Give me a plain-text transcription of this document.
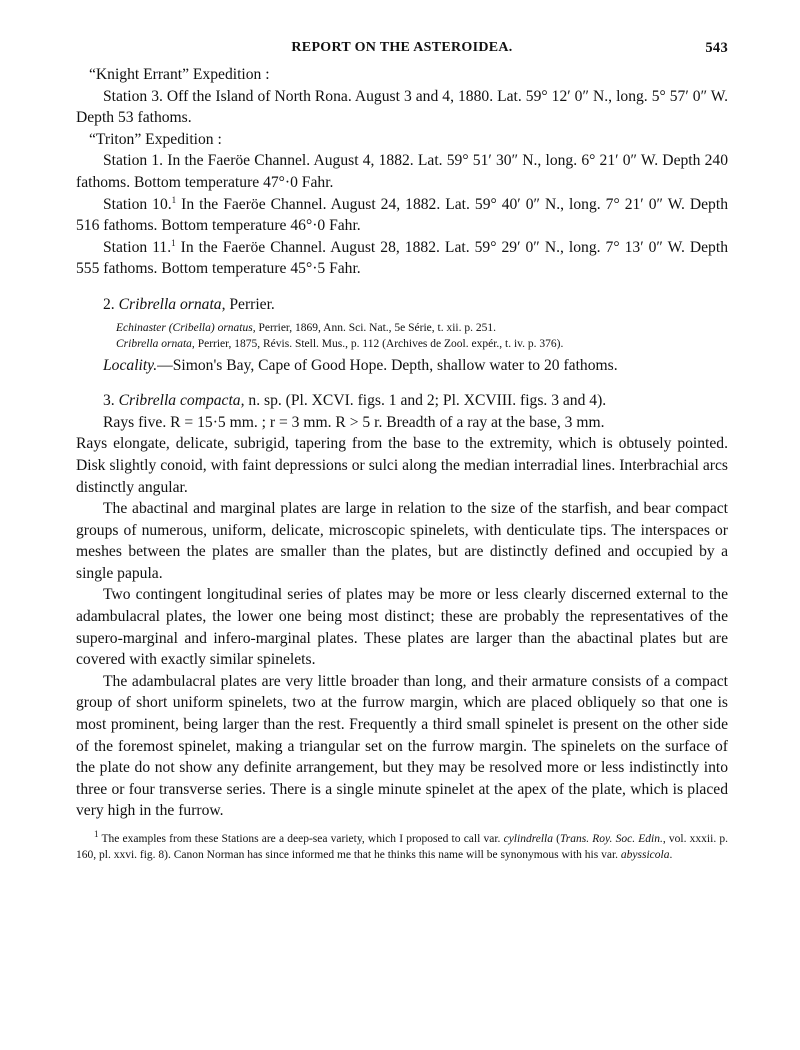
REPORT ON THE ASTEROIDEA.	543

“Knight Errant” Expedition :

Station 3. Off the Island of North Rona. August 3 and 4, 1880. Lat. 59° 12′ 0″ N., long. 5° 57′ 0″ W. Depth 53 fathoms.

“Triton” Expedition :

Station 1. In the Faeröe Channel. August 4, 1882. Lat. 59° 51′ 30″ N., long. 6° 21′ 0″ W. Depth 240 fathoms. Bottom temperature 47°·0 Fahr.

Station 10.$^1$ In the Faeröe Channel. August 24, 1882. Lat. 59° 40′ 0″ N., long. 7° 21′ 0″ W. Depth 516 fathoms. Bottom temperature 46°·0 Fahr.

Station 11.$^1$ In the Faeröe Channel. August 28, 1882. Lat. 59° 29′ 0″ N., long. 7° 13′ 0″ W. Depth 555 fathoms. Bottom temperature 45°·5 Fahr.

2. Cribrella ornata, Perrier.

Echinaster (Cribella) ornatus, Perrier, 1869, Ann. Sci. Nat., 5e Série, t. xii. p. 251.

Cribrella ornata, Perrier, 1875, Révis. Stell. Mus., p. 112 (Archives de Zool. expér., t. iv. p. 376).

Locality.—Simon's Bay, Cape of Good Hope. Depth, shallow water to 20 fathoms.

3. Cribrella compacta, n. sp. (Pl. XCVI. figs. 1 and 2; Pl. XCVIII. figs. 3 and 4).

Rays five. R = 15·5 mm. ; r = 3 mm. R > 5 r. Breadth of a ray at the base, 3 mm.

Rays elongate, delicate, subrigid, tapering from the base to the extremity, which is obtusely pointed. Disk slightly conoid, with faint depressions or sulci along the median interradial lines. Interbrachial arcs distinctly angular.

The abactinal and marginal plates are large in relation to the size of the starfish, and bear compact groups of numerous, uniform, delicate, microscopic spinelets, with denticulate tips. The interspaces or meshes between the plates are smaller than the plates, but are distinctly defined and occupied by a single papula.

Two contingent longitudinal series of plates may be more or less clearly discerned external to the adambulacral plates, the lower one being most distinct; these are probably the representatives of the supero-marginal and infero-marginal plates. These plates are larger than the abactinal plates but are covered with exactly similar spinelets.

The adambulacral plates are very little broader than long, and their armature consists of a compact group of short uniform spinelets, two at the furrow margin, which are placed obliquely so that one is most prominent, being larger than the rest. Frequently a third small spinelet is present on the other side of the foremost spinelet, making a triangular set on the furrow margin. The spinelets on the surface of the plate do not show any definite arrangement, but they may be resolved more or less indistinctly into three or four transverse series. There is a single minute spinelet at the apex of the plate, which is placed very high in the furrow.

$^1$ The examples from these Stations are a deep-sea variety, which I proposed to call var. cylindrella (Trans. Roy. Soc. Edin., vol. xxxii. p. 160, pl. xxvi. fig. 8). Canon Norman has since informed me that he thinks this name will be synonymous with his var. abyssicola.
